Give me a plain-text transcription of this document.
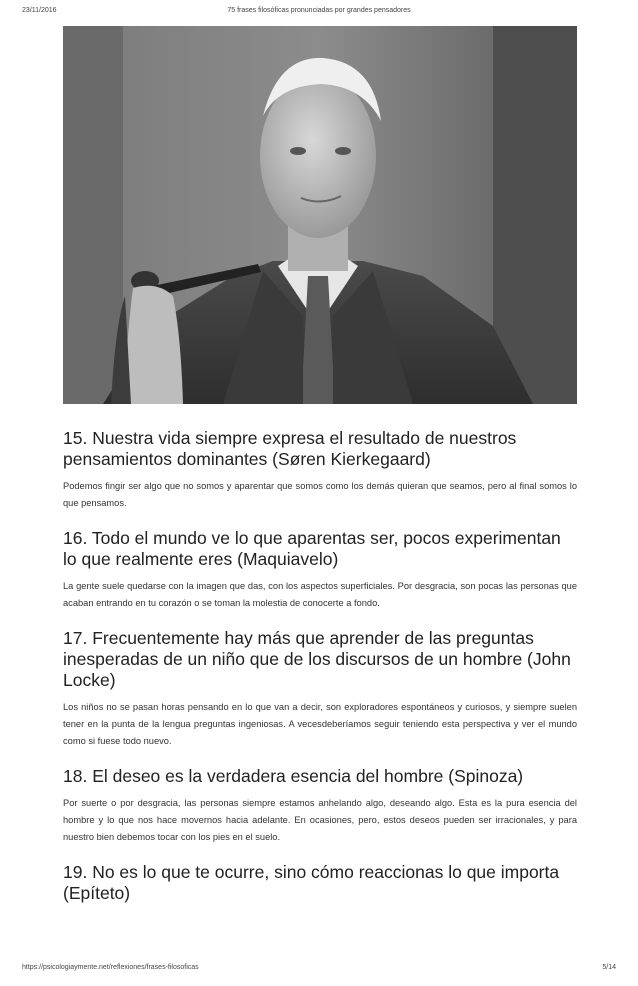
23/11/2016	75 frases filosóficas pronunciadas por grandes pensadores
15. Nuestra vida siempre expresa el resultado de nuestros pensamientos dominantes (Søren Kierkegaard)

Podemos fingir ser algo que no somos y aparentar que somos como los demás quieran que seamos, pero al final somos lo que pensamos.

16. Todo el mundo ve lo que aparentas ser, pocos experimentan lo que realmente eres (Maquiavelo)

La gente suele quedarse con la imagen que das, con los aspectos superficiales. Por desgracia, son pocas las personas que acaban entrando en tu corazón o se toman la molestia de conocerte a fondo.

17. Frecuentemente hay más que aprender de las preguntas inesperadas de un niño que de los discursos de un hombre (John Locke)

Los niños no se pasan horas pensando en lo que van a decir, son exploradores espontáneos y curiosos, y siempre suelen tener en la punta de la lengua preguntas ingeniosas. A vecesdeberíamos seguir teniendo esta perspectiva y ver el mundo como si fuese todo nuevo.

18. El deseo es la verdadera esencia del hombre (Spinoza)

Por suerte o por desgracia, las personas siempre estamos anhelando algo, deseando algo. Esta es la pura esencia del hombre y lo que nos hace movernos hacia adelante. En ocasiones, pero, estos deseos pueden ser irracionales, y para nuestro bien debemos tocar con los pies en el suelo.

19. No es lo que te ocurre, sino cómo reaccionas lo que importa (Epíteto)
https://psicologiaymente.net/reflexiones/frases-filosoficas	5/14
